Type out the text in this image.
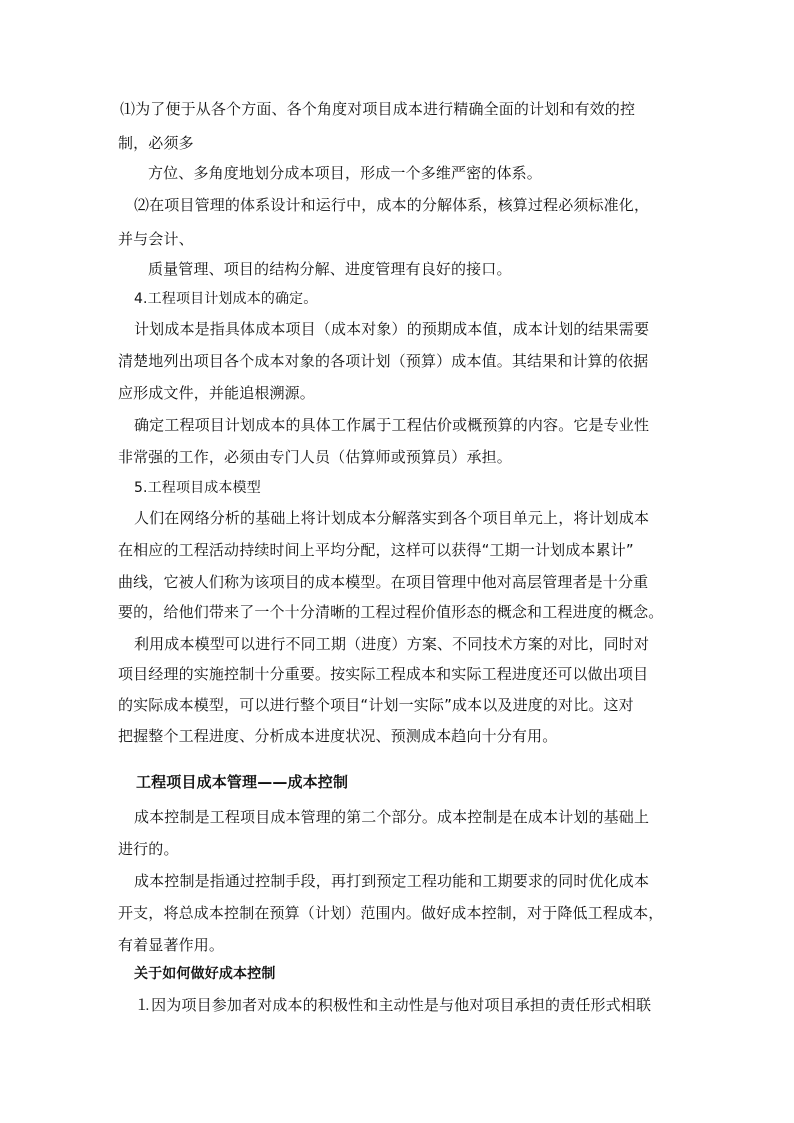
⑴为了便于从各个方面、各个角度对项目成本进行精确全面的计划和有效的控
制，必须多
方位、多角度地划分成本项目，形成一个多维严密的体系。
⑵在项目管理的体系设计和运行中，成本的分解体系，核算过程必须标准化，
并与会计、
质量管理、项目的结构分解、进度管理有良好的接口。
4.工程项目计划成本的确定。
计划成本是指具体成本项目（成本对象）的预期成本值，成本计划的结果需要
清楚地列出项目各个成本对象的各项计划（预算）成本值。其结果和计算的依据
应形成文件，并能追根溯源。
确定工程项目计划成本的具体工作属于工程估价或概预算的内容。它是专业性
非常强的工作，必须由专门人员（估算师或预算员）承担。
5.工程项目成本模型
人们在网络分析的基础上将计划成本分解落实到各个项目单元上，将计划成本
在相应的工程活动持续时间上平均分配，这样可以获得“工期一计划成本累计”
曲线，它被人们称为该项目的成本模型。在项目管理中他对高层管理者是十分重
要的，给他们带来了一个十分清晰的工程过程价值形态的概念和工程进度的概念。
利用成本模型可以进行不同工期（进度）方案、不同技术方案的对比，同时对
项目经理的实施控制十分重要。按实际工程成本和实际工程进度还可以做出项目
的实际成本模型，可以进行整个项目“计划一实际”成本以及进度的对比。这对
把握整个工程进度、分析成本进度状况、预测成本趋向十分有用。
工程项目成本管理——成本控制
成本控制是工程项目成本管理的第二个部分。成本控制是在成本计划的基础上
进行的。
成本控制是指通过控制手段，再打到预定工程功能和工期要求的同时优化成本
开支，将总成本控制在预算（计划）范围内。做好成本控制，对于降低工程成本，
有着显著作用。
关于如何做好成本控制
⒈因为项目参加者对成本的积极性和主动性是与他对项目承担的责任形式相联
